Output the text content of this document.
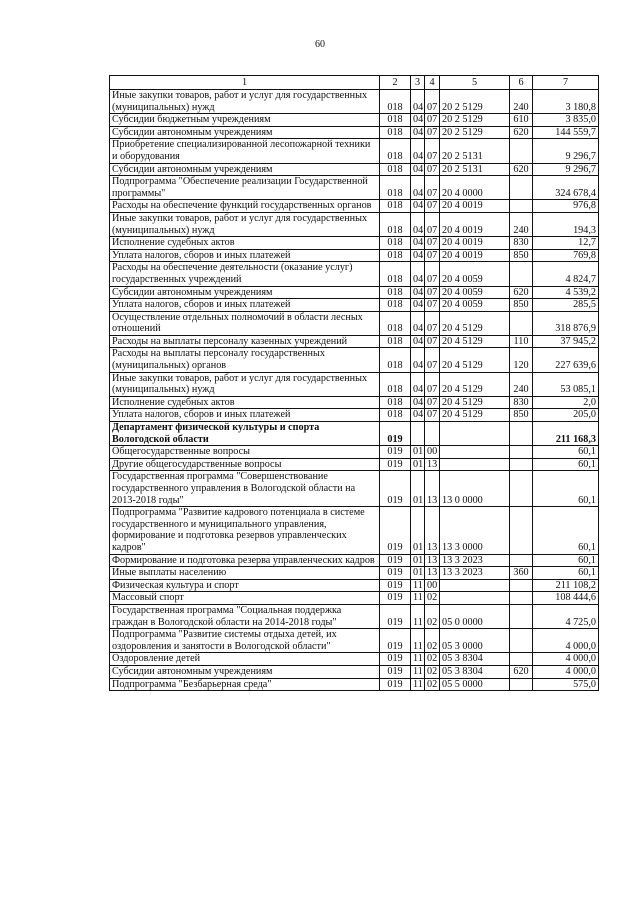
60
1	2	3	4	5	6	7
Иные закупки товаров, работ и услуг для государственных (муниципальных) нужд	018	04	07	20 2 5129	240	3 180,8
Субсидии бюджетным учреждениям	018	04	07	20 2 5129	610	3 835,0
Субсидии автономным учреждениям	018	04	07	20 2 5129	620	144 559,7
Приобретение специализированной лесопожарной техники и оборудования	018	04	07	20 2 5131		9 296,7
Субсидии автономным учреждениям	018	04	07	20 2 5131	620	9 296,7
Подпрограмма "Обеспечение реализации Государственной программы"	018	04	07	20 4 0000		324 678,4
Расходы на обеспечение функций государственных органов	018	04	07	20 4 0019		976,8
Иные закупки товаров, работ и услуг для государственных (муниципальных) нужд	018	04	07	20 4 0019	240	194,3
Исполнение судебных актов	018	04	07	20 4 0019	830	12,7
Уплата налогов, сборов и иных платежей	018	04	07	20 4 0019	850	769,8
Расходы на обеспечение деятельности (оказание услуг) государственных учреждений	018	04	07	20 4 0059		4 824,7
Субсидии автономным учреждениям	018	04	07	20 4 0059	620	4 539,2
Уплата налогов, сборов и иных платежей	018	04	07	20 4 0059	850	285,5
Осуществление отдельных полномочий в области лесных отношений	018	04	07	20 4 5129		318 876,9
Расходы на выплаты персоналу казенных учреждений	018	04	07	20 4 5129	110	37 945,2
Расходы на выплаты персоналу государственных (муниципальных) органов	018	04	07	20 4 5129	120	227 639,6
Иные закупки товаров, работ и услуг для государственных (муниципальных) нужд	018	04	07	20 4 5129	240	53 085,1
Исполнение судебных актов	018	04	07	20 4 5129	830	2,0
Уплата налогов, сборов и иных платежей	018	04	07	20 4 5129	850	205,0
Департамент физической культуры и спорта Вологодской области	019					211 168,3
Общегосударственные вопросы	019	01	00			60,1
Другие общегосударственные вопросы	019	01	13			60,1
Государственная программа "Совершенствование государственного управления в Вологодской области на 2013-2018 годы"	019	01	13	13 0 0000		60,1
Подпрограмма "Развитие кадрового потенциала в системе государственного и муниципального управления, формирование и подготовка резервов управленческих кадров"	019	01	13	13 3 0000		60,1
Формирование и подготовка резерва управленческих кадров	019	01	13	13 3 2023		60,1
Иные выплаты населению	019	01	13	13 3 2023	360	60,1
Физическая культура и спорт	019	11	00			211 108,2
Массовый спорт	019	11	02			108 444,6
Государственная программа "Социальная поддержка граждан в Вологодской области на 2014-2018 годы"	019	11	02	05 0 0000		4 725,0
Подпрограмма "Развитие системы отдыха детей, их оздоровления и занятости в Вологодской области"	019	11	02	05 3 0000		4 000,0
Оздоровление детей	019	11	02	05 3 8304		4 000,0
Субсидии автономным учреждениям	019	11	02	05 3 8304	620	4 000,0
Подпрограмма "Безбарьерная среда"	019	11	02	05 5 0000		575,0
